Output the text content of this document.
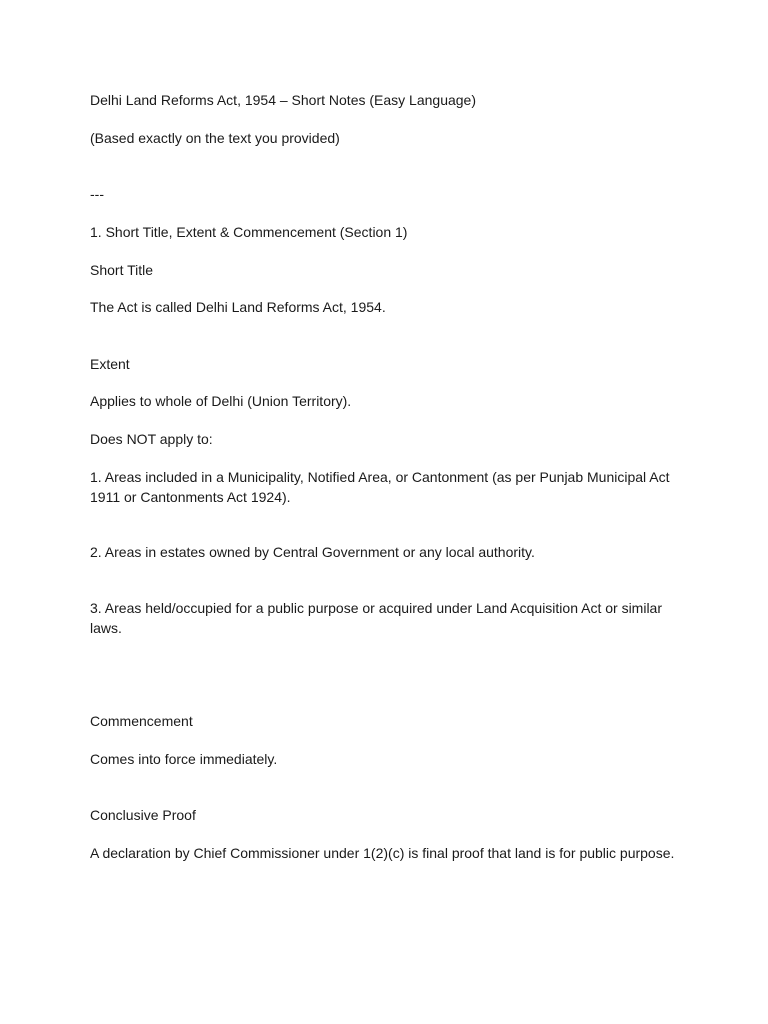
Delhi Land Reforms Act, 1954 – Short Notes (Easy Language)

(Based exactly on the text you provided)

---

1. Short Title, Extent & Commencement (Section 1)

Short Title

The Act is called Delhi Land Reforms Act, 1954.

Extent

Applies to whole of Delhi (Union Territory).

Does NOT apply to:

1. Areas included in a Municipality, Notified Area, or Cantonment (as per Punjab Municipal Act 1911 or Cantonments Act 1924).

2. Areas in estates owned by Central Government or any local authority.

3. Areas held/occupied for a public purpose or acquired under Land Acquisition Act or similar laws.

Commencement

Comes into force immediately.

Conclusive Proof

A declaration by Chief Commissioner under 1(2)(c) is final proof that land is for public purpose.
